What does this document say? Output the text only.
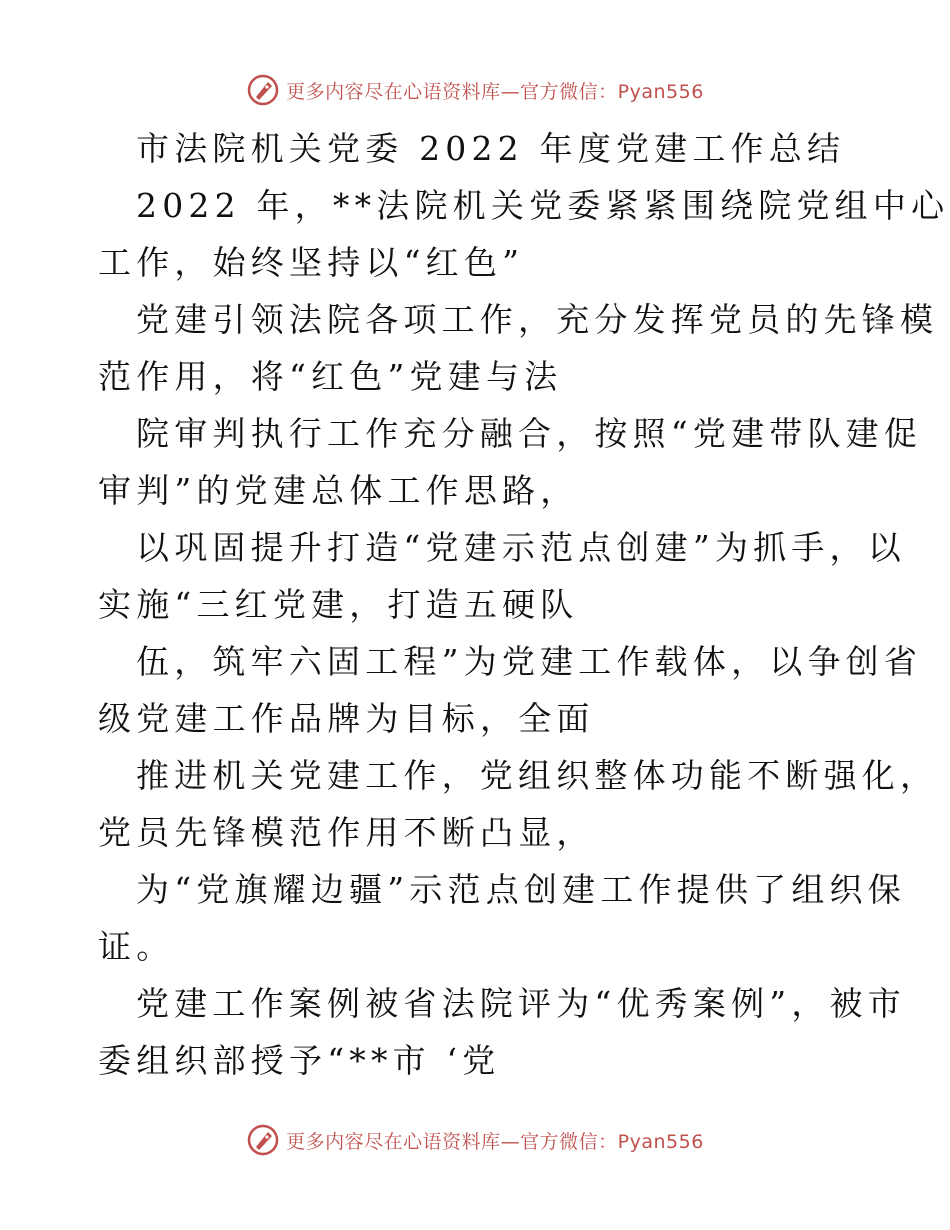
更多内容尽在心语资料库—官方微信：Pyan556
市法院机关党委 2022 年度党建工作总结
2022 年，**法院机关党委紧紧围绕院党组中心
工作，始终坚持以“红色”
党建引领法院各项工作，充分发挥党员的先锋模
范作用，将“红色”党建与法
院审判执行工作充分融合，按照“党建带队建促
审判”的党建总体工作思路，
以巩固提升打造“党建示范点创建”为抓手，以
实施“三红党建，打造五硬队
伍，筑牢六固工程”为党建工作载体，以争创省
级党建工作品牌为目标，全面
推进机关党建工作，党组织整体功能不断强化，
党员先锋模范作用不断凸显，
为“党旗耀边疆”示范点创建工作提供了组织保
证。
党建工作案例被省法院评为“优秀案例”，被市
委组织部授予“**市 ‘党
更多内容尽在心语资料库—官方微信：Pyan556
